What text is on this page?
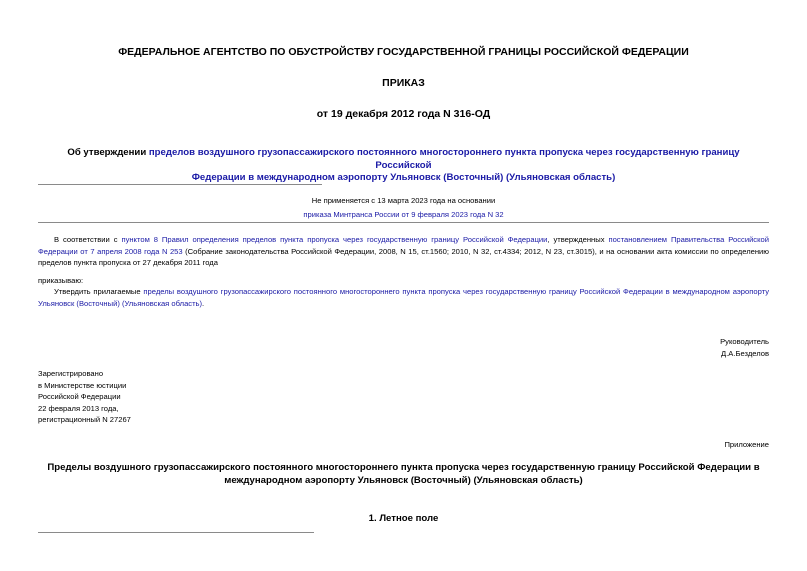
ФЕДЕРАЛЬНОЕ АГЕНТСТВО ПО ОБУСТРОЙСТВУ ГОСУДАРСТВЕННОЙ ГРАНИЦЫ РОССИЙСКОЙ ФЕДЕРАЦИИ
ПРИКАЗ
от 19 декабря 2012 года N 316-ОД
Об утверждении пределов воздушного грузопассажирского постоянного многостороннего пункта пропуска через государственную границу Российской
Федерации в международном аэропорту Ульяновск (Восточный) (Ульяновская область)
Не применяется с 13 марта 2023 года на основании
приказа Минтранса России от 9 февраля 2023 года N 32
В соответствии с пунктом 8 Правил определения пределов пункта пропуска через государственную границу Российской Федерации, утвержденных постановлением Правительства Российской Федерации от 7 апреля 2008 года N 253 (Собрание законодательства Российской Федерации, 2008, N 15, ст.1560; 2010, N 32, ст.4334; 2012, N 23, ст.3015), и на основании акта комиссии по определению пределов пункта пропуска от 27 декабря 2011 года
приказываю:
Утвердить прилагаемые пределы воздушного грузопассажирского постоянного многостороннего пункта пропуска через государственную границу Российской Федерации в международном аэропорту Ульяновск (Восточный) (Ульяновская область).
Руководитель
Д.А.Безделов
Зарегистрировано
в Министерстве юстиции
Российской Федерации
22 февраля 2013 года,
регистрационный N 27267
Приложение
Пределы воздушного грузопассажирского постоянного многостороннего пункта пропуска через государственную границу Российской Федерации в
международном аэропорту Ульяновск (Восточный) (Ульяновская область)
1. Летное поле
